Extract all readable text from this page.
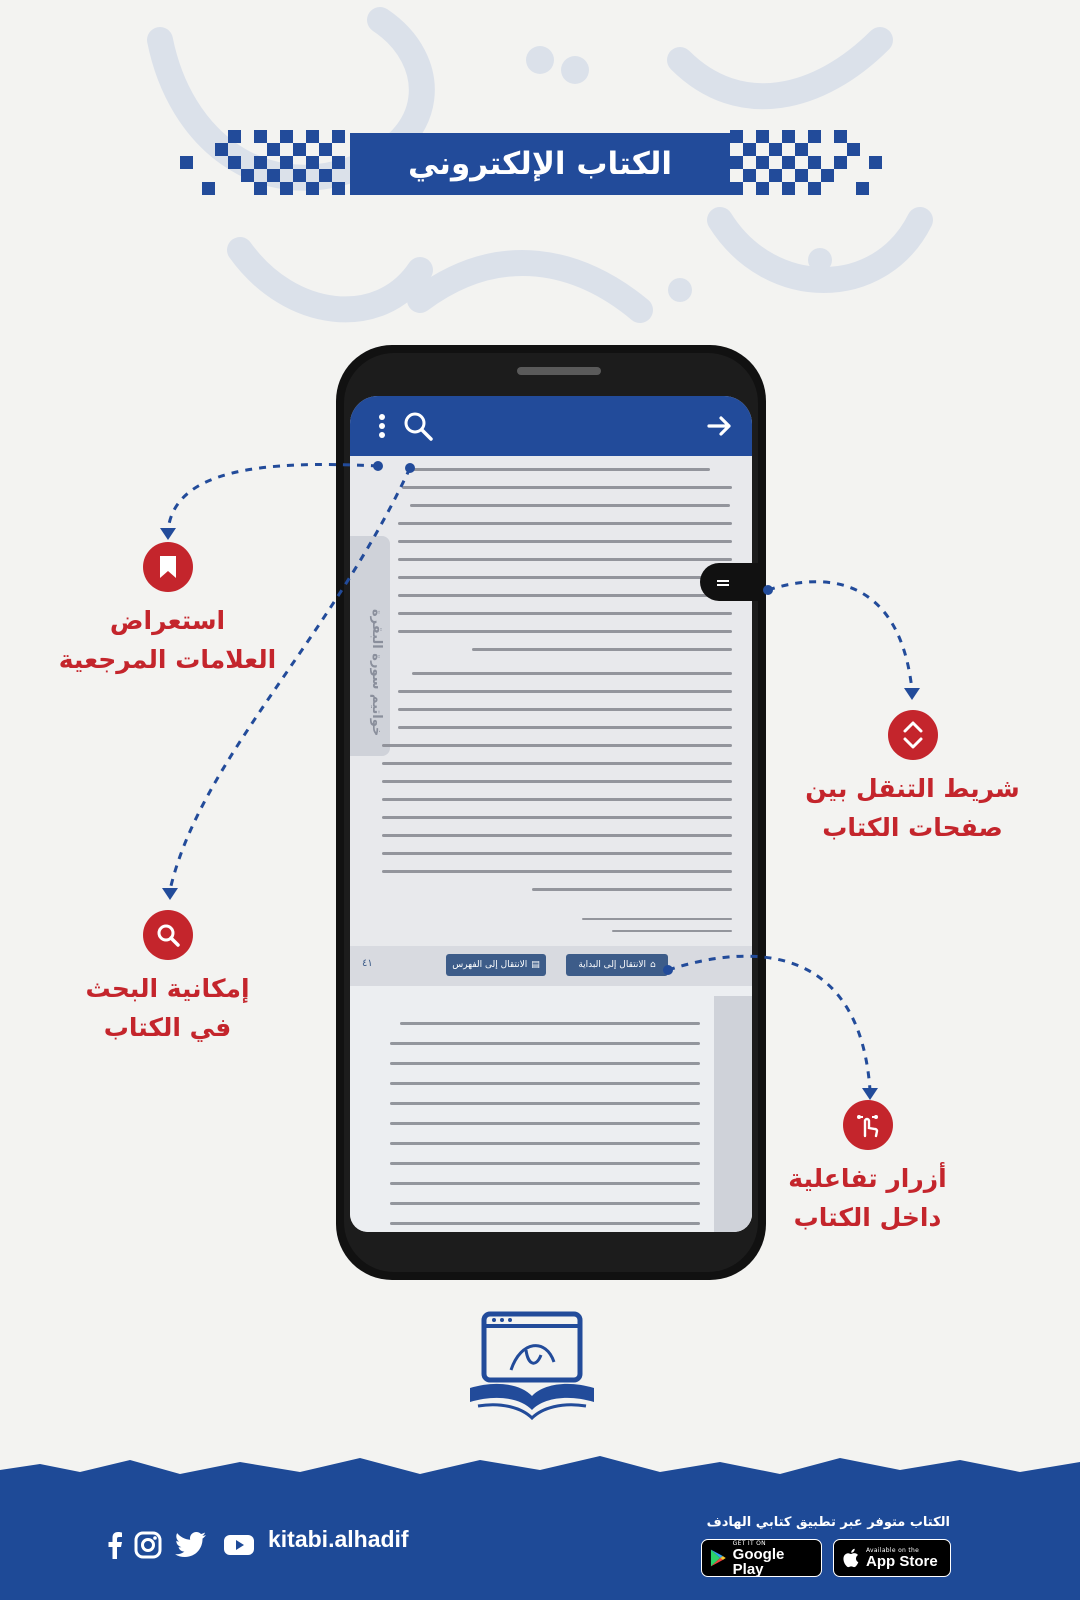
الكتاب الإلكتروني
خواتيم سورة البقرة
٤١	▤
الانتقال إلى الفهرس	⌂
الانتقال إلى البداية
استعراض
العلامات المرجعية
إمكانية البحث
في الكتاب
شريط التنقل بين
صفحات الكتاب
أزرار تفاعلية
داخل الكتاب
kitabi.alhadif
الكتاب متوفر عبر تطبيق كتابي الهادف
GET IT ON
Google Play
Available on the
App Store
